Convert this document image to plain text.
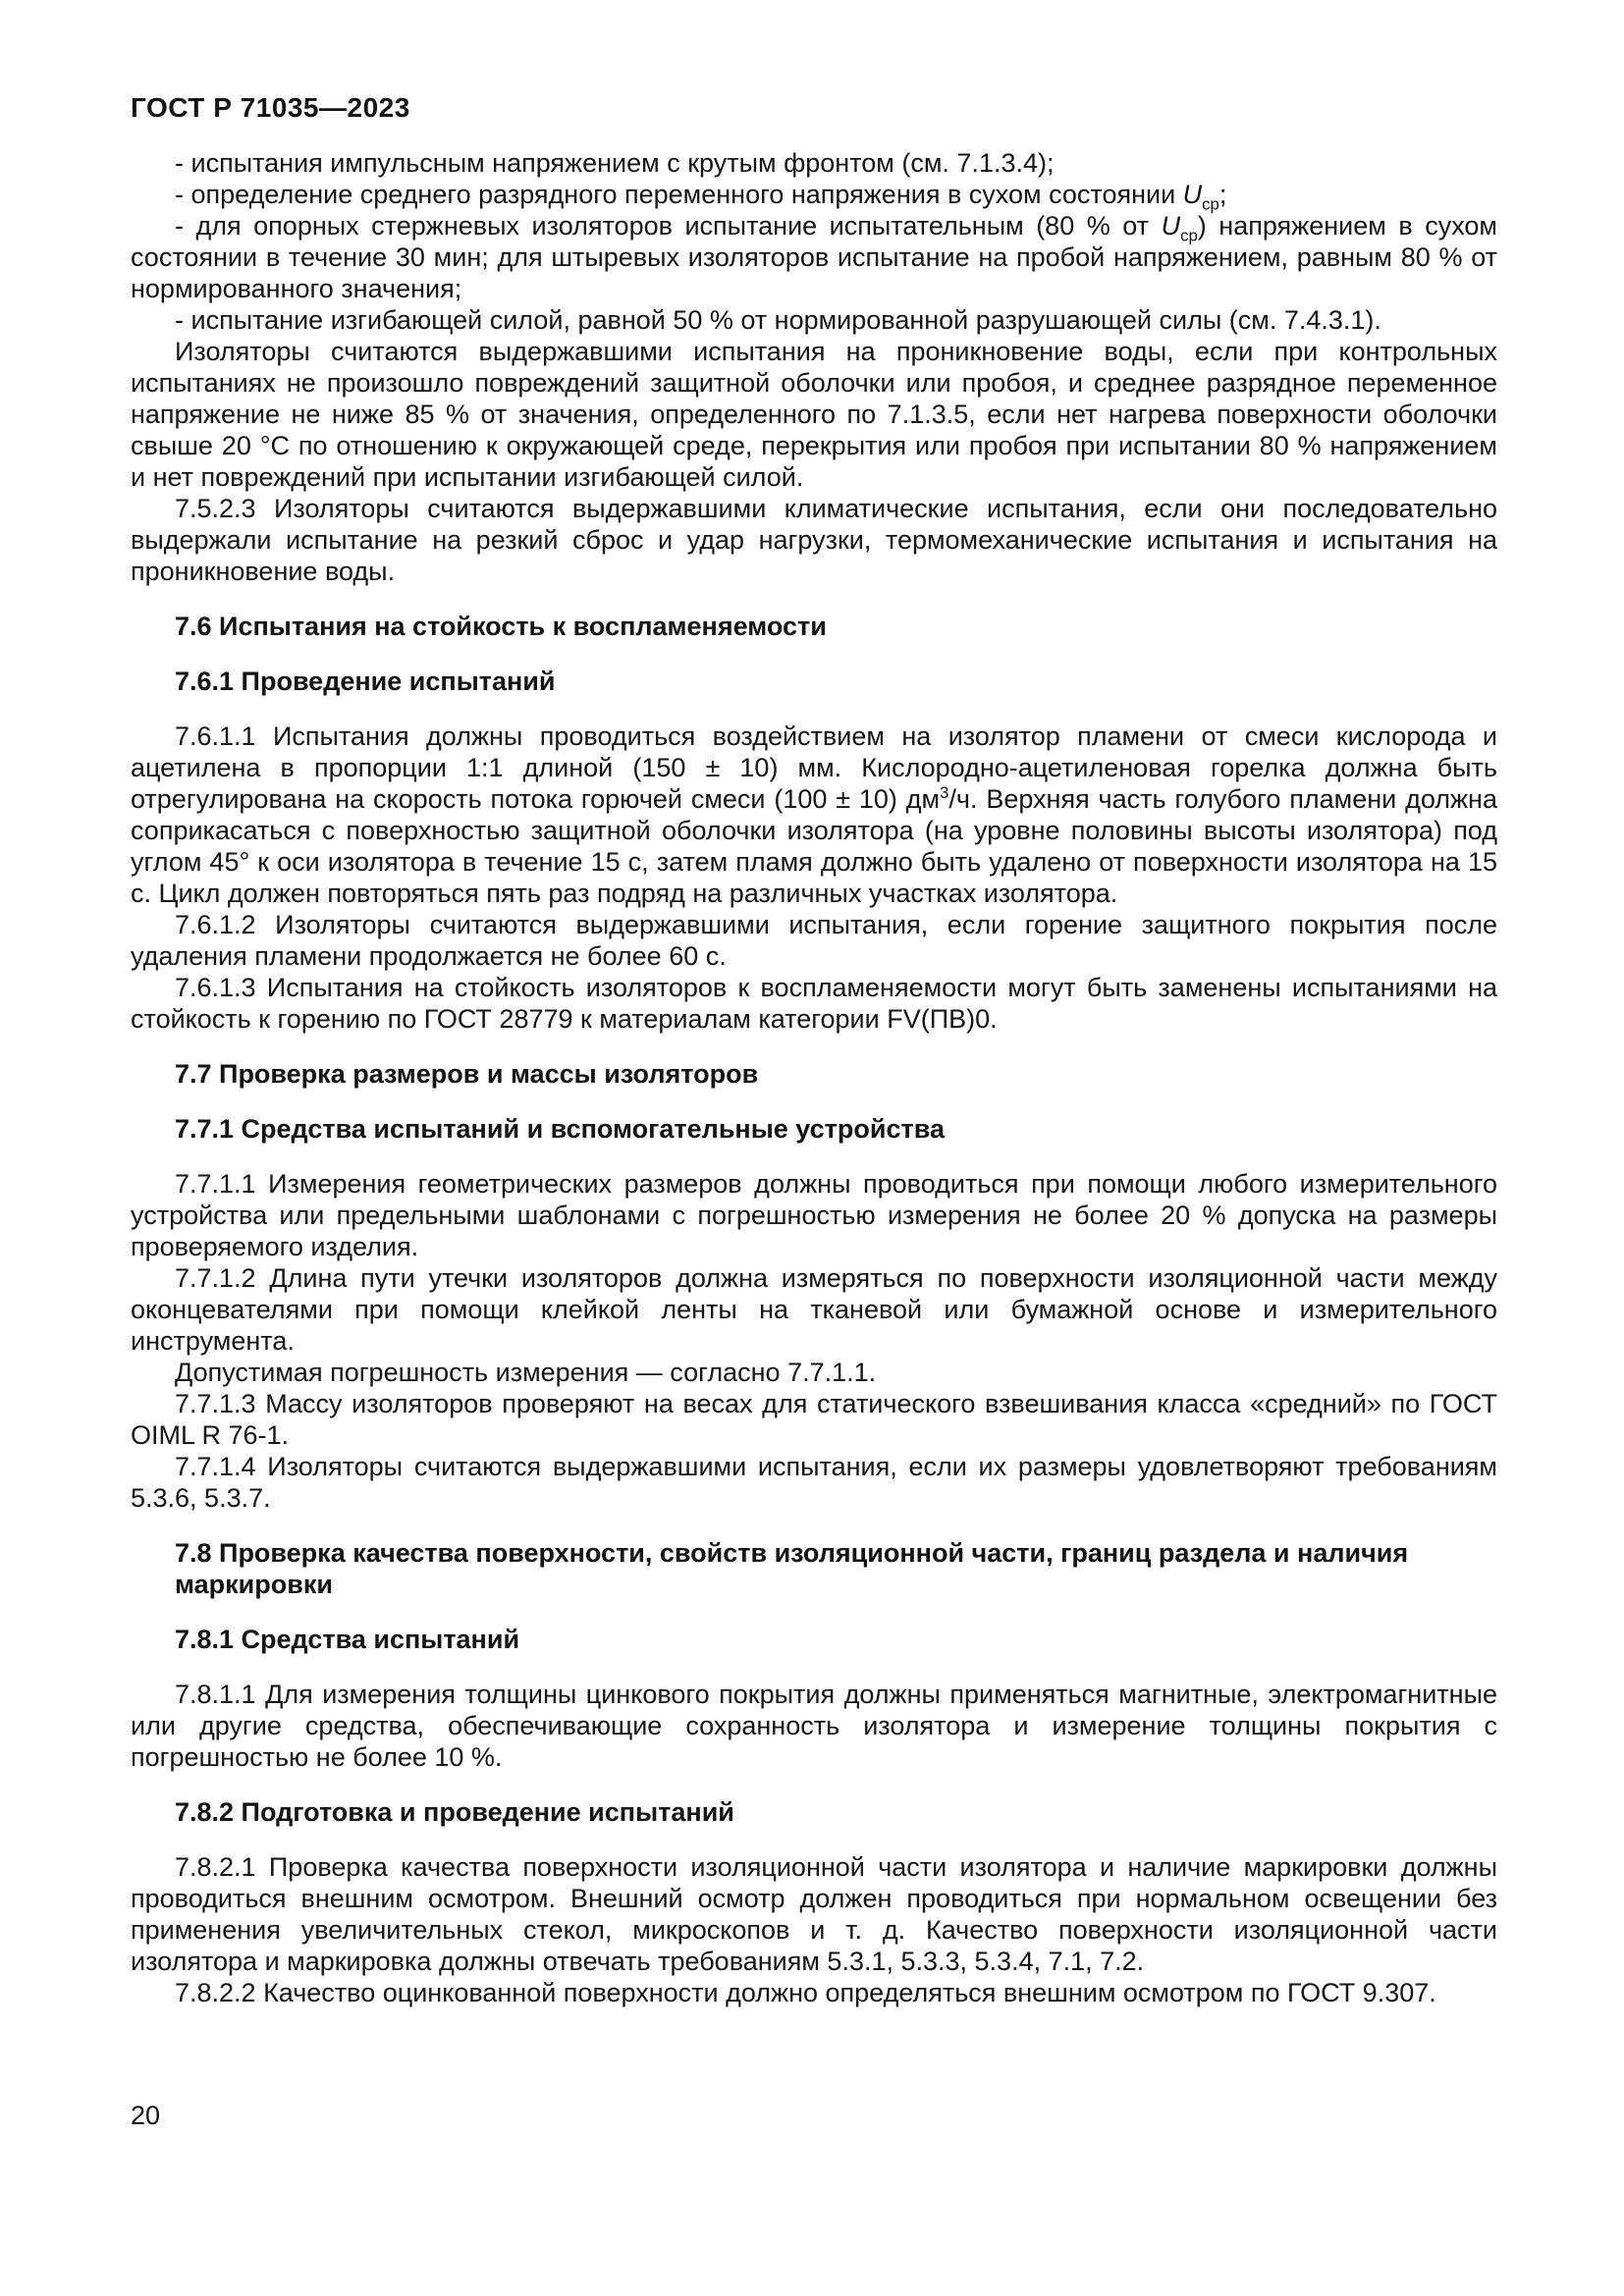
ГОСТ Р 71035—2023

- испытания импульсным напряжением с крутым фронтом (см. 7.1.3.4);

- определение среднего разрядного переменного напряжения в сухом состоянии $U_{ср}$;

- для опорных стержневых изоляторов испытание испытательным (80 % от $U_{ср}$) напряжением в сухом состоянии в течение 30 мин; для штыревых изоляторов испытание на пробой напряжением, равным 80 % от нормированного значения;

- испытание изгибающей силой, равной 50 % от нормированной разрушающей силы (см. 7.4.3.1).

Изоляторы считаются выдержавшими испытания на проникновение воды, если при контрольных испытаниях не произошло повреждений защитной оболочки или пробоя, и среднее разрядное переменное напряжение не ниже 85 % от значения, определенного по 7.1.3.5, если нет нагрева поверхности оболочки свыше 20 °С по отношению к окружающей среде, перекрытия или пробоя при испытании 80 % напряжением и нет повреждений при испытании изгибающей силой.

7.5.2.3 Изоляторы считаются выдержавшими климатические испытания, если они последовательно выдержали испытание на резкий сброс и удар нагрузки, термомеханические испытания и испытания на проникновение воды.

7.6 Испытания на стойкость к воспламеняемости

7.6.1 Проведение испытаний

7.6.1.1 Испытания должны проводиться воздействием на изолятор пламени от смеси кислорода и ацетилена в пропорции 1:1 длиной (150 ± 10) мм. Кислородно-ацетиленовая горелка должна быть отрегулирована на скорость потока горючей смеси (100 ± 10) $дм^3/ч$. Верхняя часть голубого пламени должна соприкасаться с поверхностью защитной оболочки изолятора (на уровне половины высоты изолятора) под углом 45° к оси изолятора в течение 15 с, затем пламя должно быть удалено от поверхности изолятора на 15 с. Цикл должен повторяться пять раз подряд на различных участках изолятора.

7.6.1.2 Изоляторы считаются выдержавшими испытания, если горение защитного покрытия после удаления пламени продолжается не более 60 с.

7.6.1.3 Испытания на стойкость изоляторов к воспламеняемости могут быть заменены испытаниями на стойкость к горению по ГОСТ 28779 к материалам категории FV(ПВ)0.

7.7 Проверка размеров и массы изоляторов

7.7.1 Средства испытаний и вспомогательные устройства

7.7.1.1 Измерения геометрических размеров должны проводиться при помощи любого измерительного устройства или предельными шаблонами с погрешностью измерения не более 20 % допуска на размеры проверяемого изделия.

7.7.1.2 Длина пути утечки изоляторов должна измеряться по поверхности изоляционной части между оконцевателями при помощи клейкой ленты на тканевой или бумажной основе и измерительного инструмента.

Допустимая погрешность измерения — согласно 7.7.1.1.

7.7.1.3 Массу изоляторов проверяют на весах для статического взвешивания класса «средний» по ГОСТ OIML R 76-1.

7.7.1.4 Изоляторы считаются выдержавшими испытания, если их размеры удовлетворяют требованиям 5.3.6, 5.3.7.

7.8 Проверка качества поверхности, свойств изоляционной части, границ раздела и наличия маркировки

7.8.1 Средства испытаний

7.8.1.1 Для измерения толщины цинкового покрытия должны применяться магнитные, электромагнитные или другие средства, обеспечивающие сохранность изолятора и измерение толщины покрытия с погрешностью не более 10 %.

7.8.2 Подготовка и проведение испытаний

7.8.2.1 Проверка качества поверхности изоляционной части изолятора и наличие маркировки должны проводиться внешним осмотром. Внешний осмотр должен проводиться при нормальном освещении без применения увеличительных стекол, микроскопов и т. д. Качество поверхности изоляционной части изолятора и маркировка должны отвечать требованиям 5.3.1, 5.3.3, 5.3.4, 7.1, 7.2.

7.8.2.2 Качество оцинкованной поверхности должно определяться внешним осмотром по ГОСТ 9.307.

20
